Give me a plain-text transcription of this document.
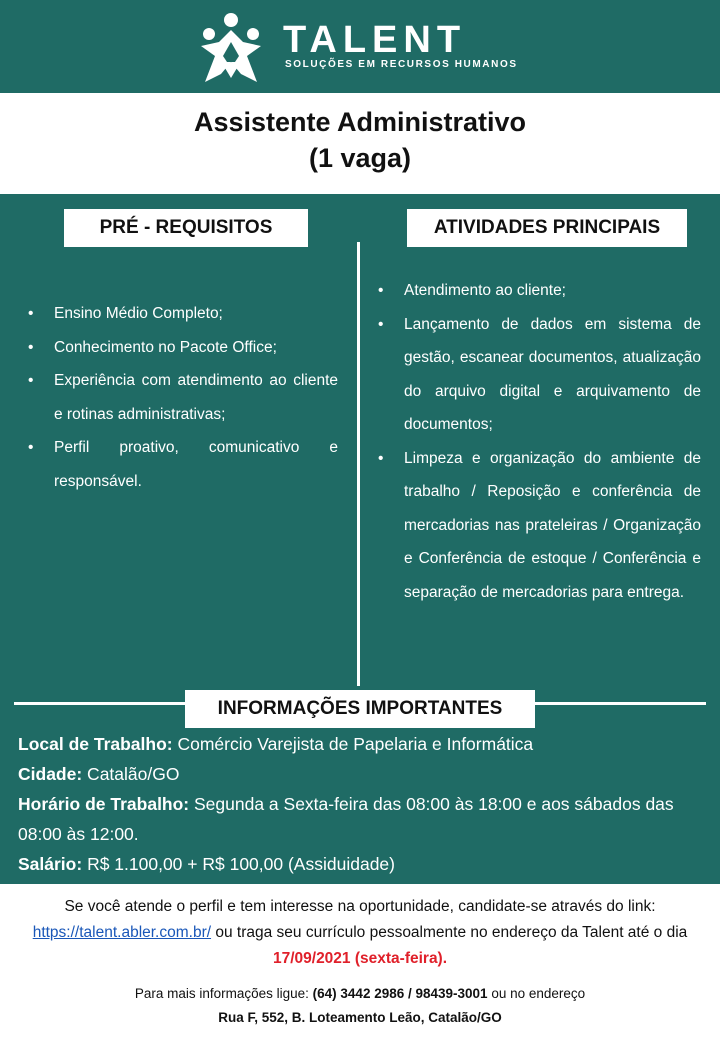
TALENT
SOLUÇÕES EM RECURSOS HUMANOS
Assistente Administrativo
(1 vaga)
PRÉ - REQUISITOS	ATIVIDADES PRINCIPAIS
• Ensino Médio Completo;
• Conhecimento no Pacote Office;
• Experiência com atendimento ao cliente e rotinas administrativas;
• Perfil proativo, comunicativo e responsável.
• Atendimento ao cliente;
• Lançamento de dados em sistema de gestão, escanear documentos, atualização do arquivo digital e arquivamento de documentos;
• Limpeza e organização do ambiente de trabalho / Reposição e conferência de mercadorias nas prateleiras / Organização e Conferência de estoque / Conferência e separação de mercadorias para entrega.
INFORMAÇÕES IMPORTANTES

Local de Trabalho: Comércio Varejista de Papelaria e Informática

Cidade: Catalão/GO

Horário de Trabalho: Segunda a Sexta-feira das 08:00 às 18:00 e aos sábados das 08:00 às 12:00.

Salário: R$ 1.100,00 + R$ 100,00 (Assiduidade)

Se você atende o perfil e tem interesse na oportunidade, candidate-se através do link: https://talent.abler.com.br/ ou traga seu currículo pessoalmente no endereço da Talent até o dia 17/09/2021 (sexta-feira).
Para mais informações ligue: (64) 3442 2986 / 98439-3001 ou no endereço
Rua F, 552, B. Loteamento Leão, Catalão/GO
